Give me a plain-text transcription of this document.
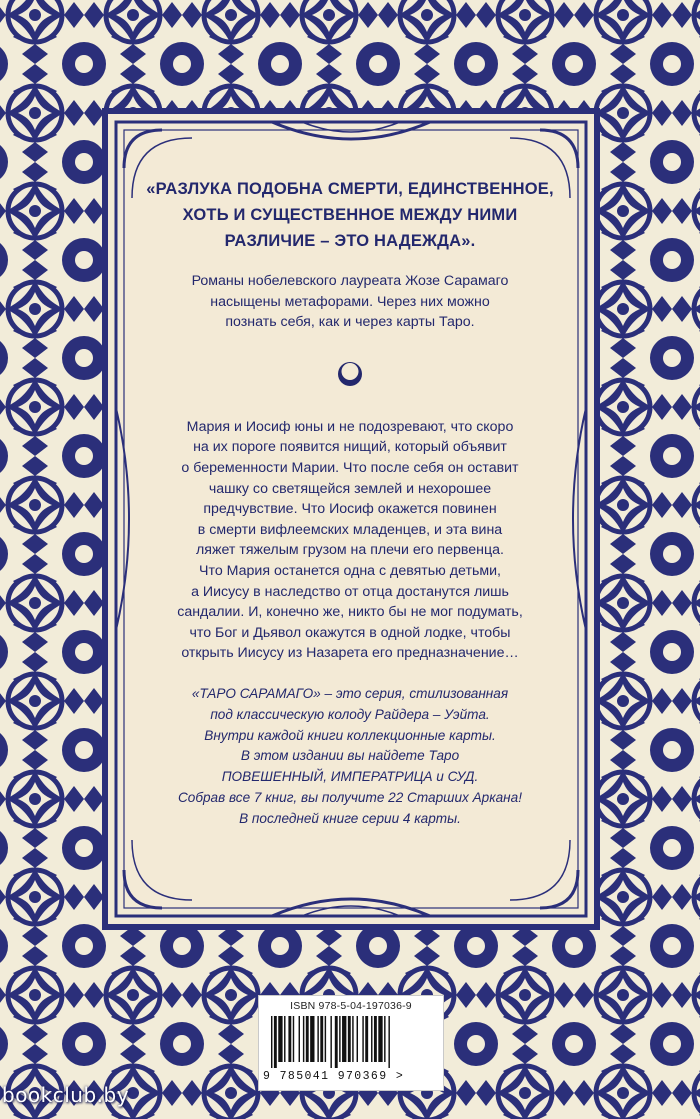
«РАЗЛУКА ПОДОБНА СМЕРТИ, ЕДИНСТВЕННОЕ,
ХОТЬ И СУЩЕСТВЕННОЕ МЕЖДУ НИМИ
РАЗЛИЧИЕ – ЭТО НАДЕЖДА».
Романы нобелевского лауреата Жозе Сарамаго
насыщены метафорами. Через них можно
познать себя, как и через карты Таро.
Мария и Иосиф юны и не подозревают, что скоро
на их пороге появится нищий, который объявит
о беременности Марии. Что после себя он оставит
чашку со светящейся землей и нехорошее
предчувствие. Что Иосиф окажется повинен
в смерти вифлеемских младенцев, и эта вина
ляжет тяжелым грузом на плечи его первенца.
Что Мария останется одна с девятью детьми,
а Иисусу в наследство от отца достанутся лишь
сандалии. И, конечно же, никто бы не мог подумать,
что Бог и Дьявол окажутся в одной лодке, чтобы
открыть Иисусу из Назарета его предназначение…
«ТАРО САРАМАГО» – это серия, стилизованная
под классическую колоду Райдера – Уэйта.
Внутри каждой книги коллекционные карты.
В этом издании вы найдете Таро
ПОВЕШЕННЫЙ, ИМПЕРАТРИЦА и СУД.
Собрав все 7 книг, вы получите 22 Старших Аркана!
В последней книге серии 4 карты.
ISBN 978-5-04-197036-9
9 785041 970369 >
bookclub.by
